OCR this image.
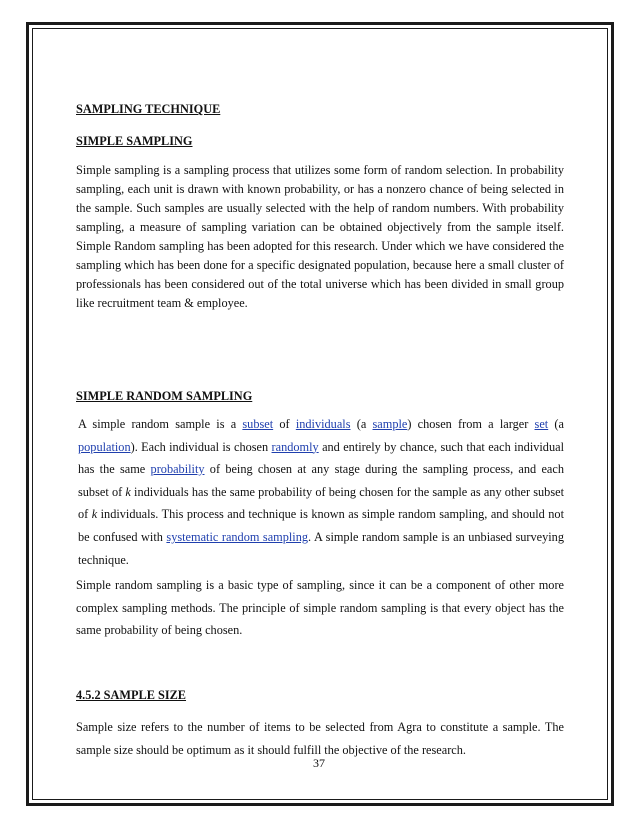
SAMPLING TECHNIQUE

SIMPLE SAMPLING

Simple sampling is a sampling process that utilizes some form of random selection. In probability sampling, each unit is drawn with known probability, or has a nonzero chance of being selected in the sample. Such samples are usually selected with the help of random numbers. With probability sampling, a measure of sampling variation can be obtained objectively from the sample itself. Simple Random sampling has been adopted for this research. Under which we have considered the sampling which has been done for a specific designated population, because here a small cluster of professionals has been considered out of the total universe which has been divided in small group like recruitment team & employee.

SIMPLE RANDOM SAMPLING

A simple random sample is a subset of individuals (a sample) chosen from a larger set (a population). Each individual is chosen randomly and entirely by chance, such that each individual has the same probability of being chosen at any stage during the sampling process, and each subset of k individuals has the same probability of being chosen for the sample as any other subset of k individuals. This process and technique is known as simple random sampling, and should not be confused with systematic random sampling. A simple random sample is an unbiased surveying technique.

Simple random sampling is a basic type of sampling, since it can be a component of other more complex sampling methods. The principle of simple random sampling is that every object has the same probability of being chosen.

4.5.2 SAMPLE SIZE

Sample size refers to the number of items to be selected from Agra to constitute a sample. The sample size should be optimum as it should fulfill the objective of the research.

37
